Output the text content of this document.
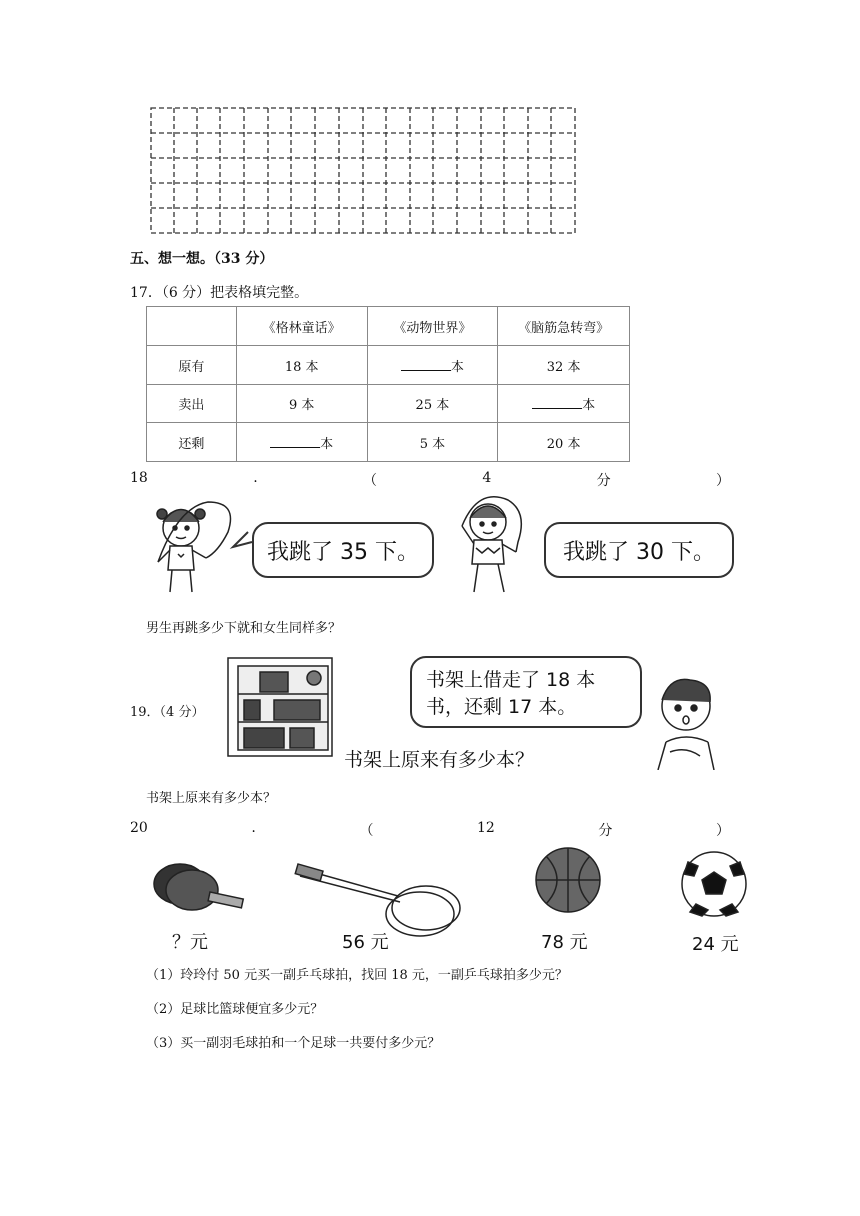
五、想一想。（33 分）
17．（6 分）把表格填完整。
	《格林童话》	《动物世界》	《脑筋急转弯》
原有	18 本	本	32 本
卖出	9 本	25 本	本
还剩	本	5 本	20 本
18	.	（	4	分	）
我跳了 35 下。	我跳了 30 下。
男生再跳多少下就和女生同样多？
19．（4 分）
书架上借走了 18 本书，还剩 17 本。
书架上原来有多少本？
书架上原来有多少本？
20	.	（	12	分	）
？元	56 元	78 元	24 元
（1）玲玲付 50 元买一副乒乓球拍，找回 18 元，一副乒乓球拍多少元？
（2）足球比篮球便宜多少元？
（3）买一副羽毛球拍和一个足球一共要付多少元？
